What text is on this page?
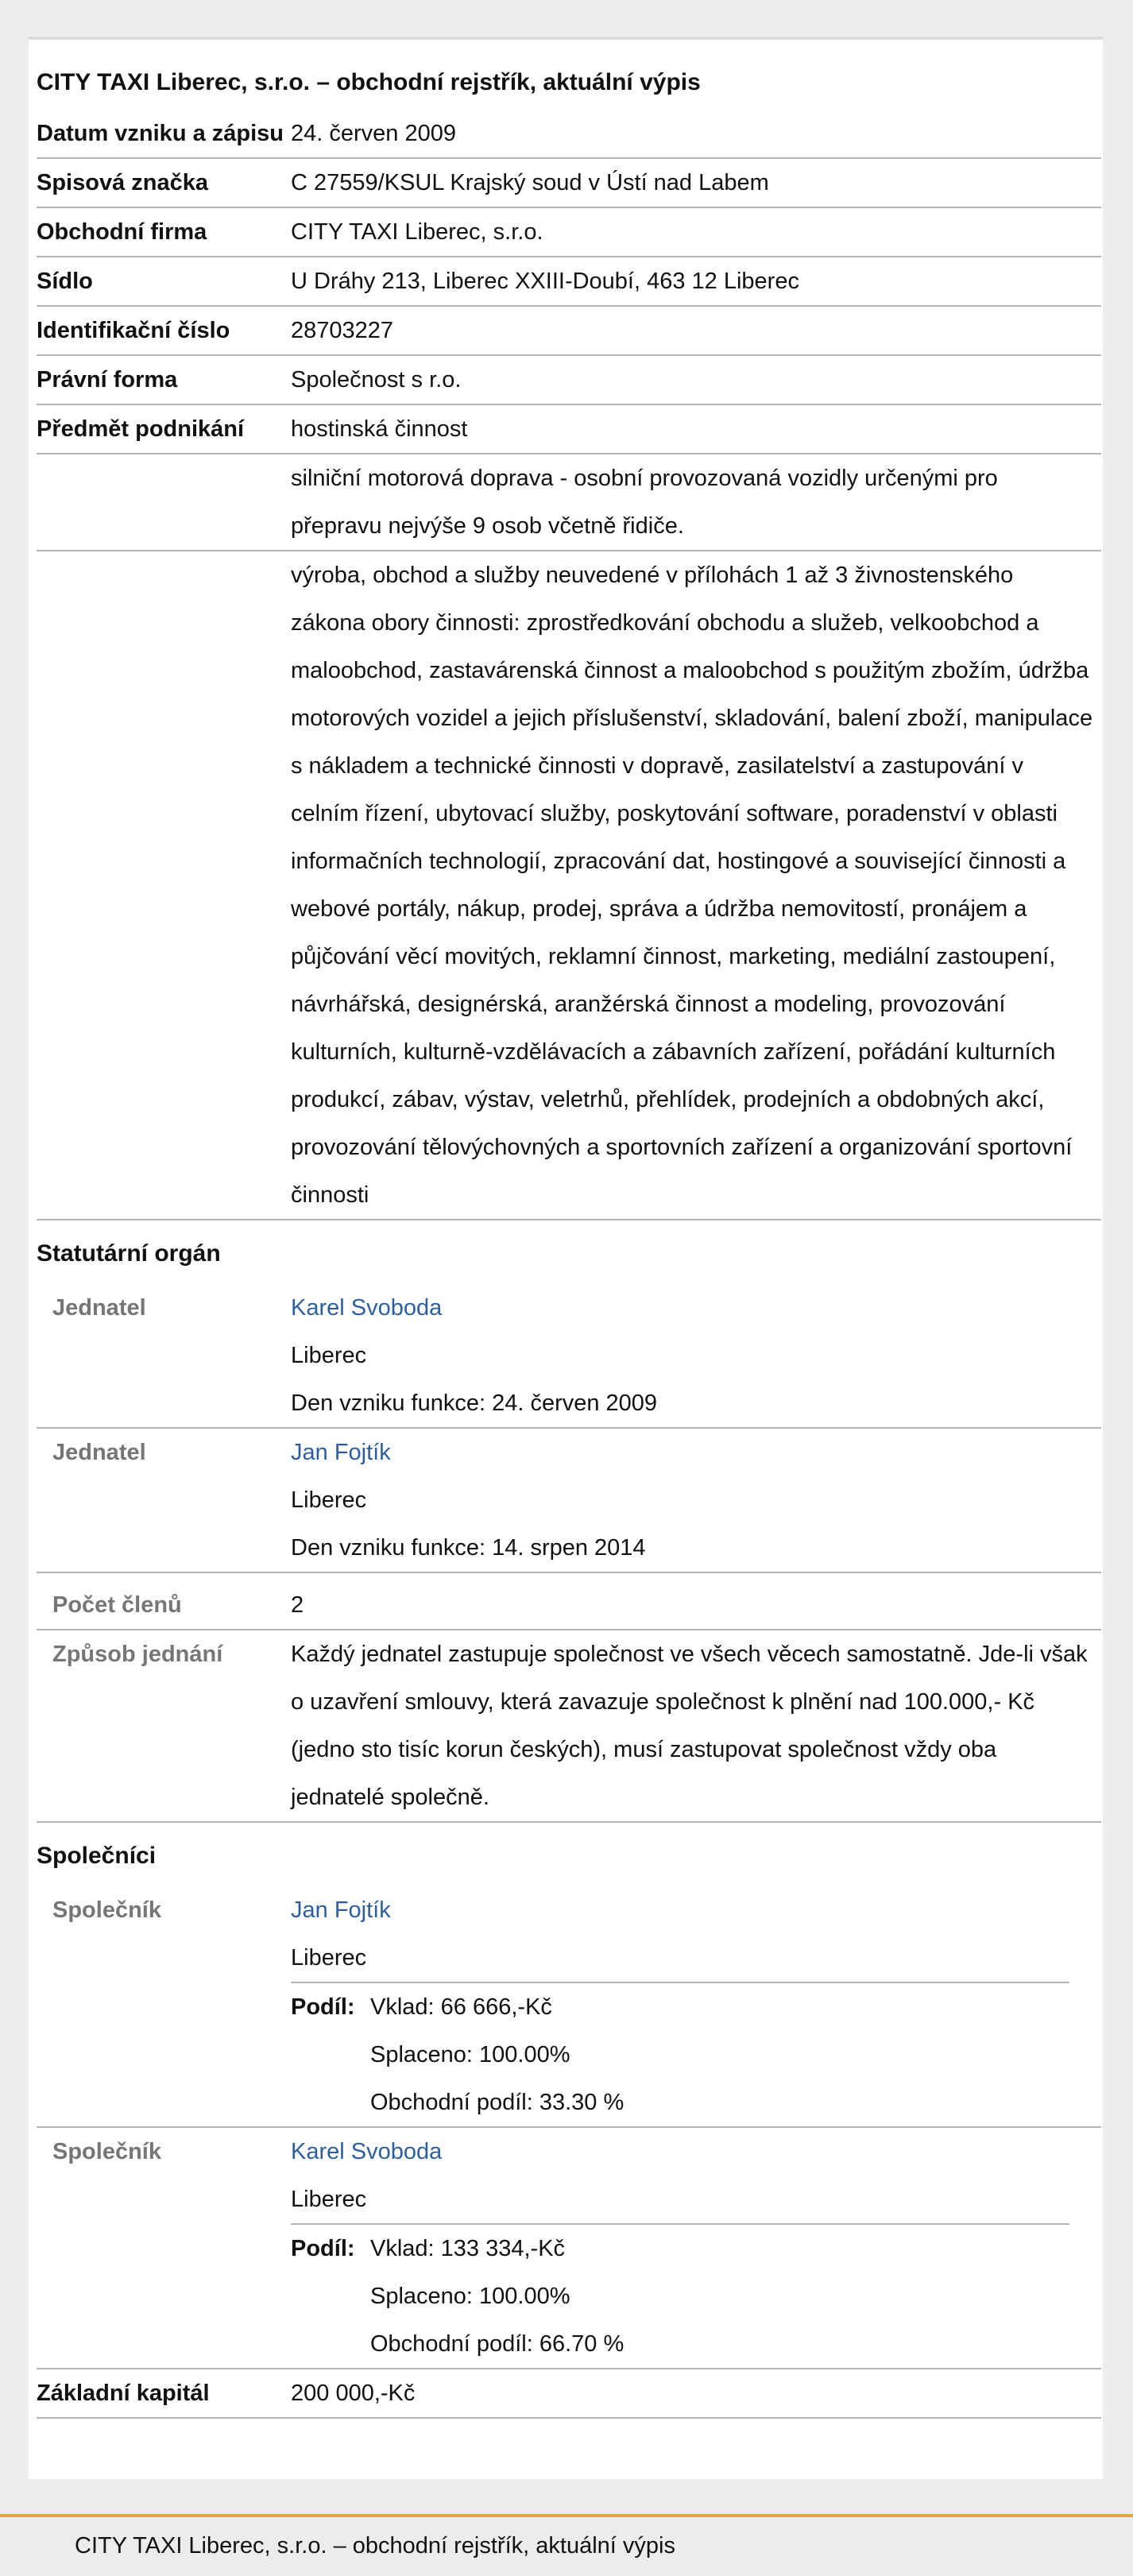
CITY TAXI Liberec, s.r.o. – obchodní rejstřík, aktuální výpis
Datum vzniku a zápisu 24. červen 2009
Spisová značka	C 27559/KSUL Krajský soud v Ústí nad Labem
Obchodní firma	CITY TAXI Liberec, s.r.o.
Sídlo	U Dráhy 213, Liberec XXIII-Doubí, 463 12 Liberec
Identifikační číslo	28703227
Právní forma	Společnost s r.o.
Předmět podnikání	hostinská činnost
silniční motorová doprava - osobní provozovaná vozidly určenými pro přepravu nejvýše 9 osob včetně řidiče.
výroba, obchod a služby neuvedené v přílohách 1 až 3 živnostenského zákona obory činnosti: zprostředkování obchodu a služeb, velkoobchod a maloobchod, zastavárenská činnost a maloobchod s použitým zbožím, údržba motorových vozidel a jejich příslušenství, skladování, balení zboží, manipulace s nákladem a technické činnosti v dopravě, zasilatelství a zastupování v celním řízení, ubytovací služby, poskytování software, poradenství v oblasti informačních technologií, zpracování dat, hostingové a související činnosti a webové portály, nákup, prodej, správa a údržba nemovitostí, pronájem a půjčování věcí movitých, reklamní činnost, marketing, mediální zastoupení, návrhářská, designérská, aranžérská činnost a modeling, provozování kulturních, kulturně-vzdělávacích a zábavních zařízení, pořádání kulturních produkcí, zábav, výstav, veletrhů, přehlídek, prodejních a obdobných akcí, provozování tělovýchovných a sportovních zařízení a organizování sportovní činnosti
Statutární orgán
Jednatel	Karel Svoboda
Liberec
Den vzniku funkce: 24. červen 2009
Jednatel	Jan Fojtík
Liberec
Den vzniku funkce: 14. srpen 2014
Počet členů	2
Způsob jednání	Každý jednatel zastupuje společnost ve všech věcech samostatně. Jde-li však o uzavření smlouvy, která zavazuje společnost k plnění nad 100.000,- Kč (jedno sto tisíc korun českých), musí zastupovat společnost vždy oba jednatelé společně.
Společníci
Společník	Jan Fojtík
Liberec
Podíl: Vklad: 66 666,-Kč
Splaceno: 100.00%
Obchodní podíl: 33.30 %
Společník	Karel Svoboda
Liberec
Podíl: Vklad: 133 334,-Kč
Splaceno: 100.00%
Obchodní podíl: 66.70 %
Základní kapitál	200 000,-Kč
CITY TAXI Liberec, s.r.o. – obchodní rejstřík, aktuální výpis
